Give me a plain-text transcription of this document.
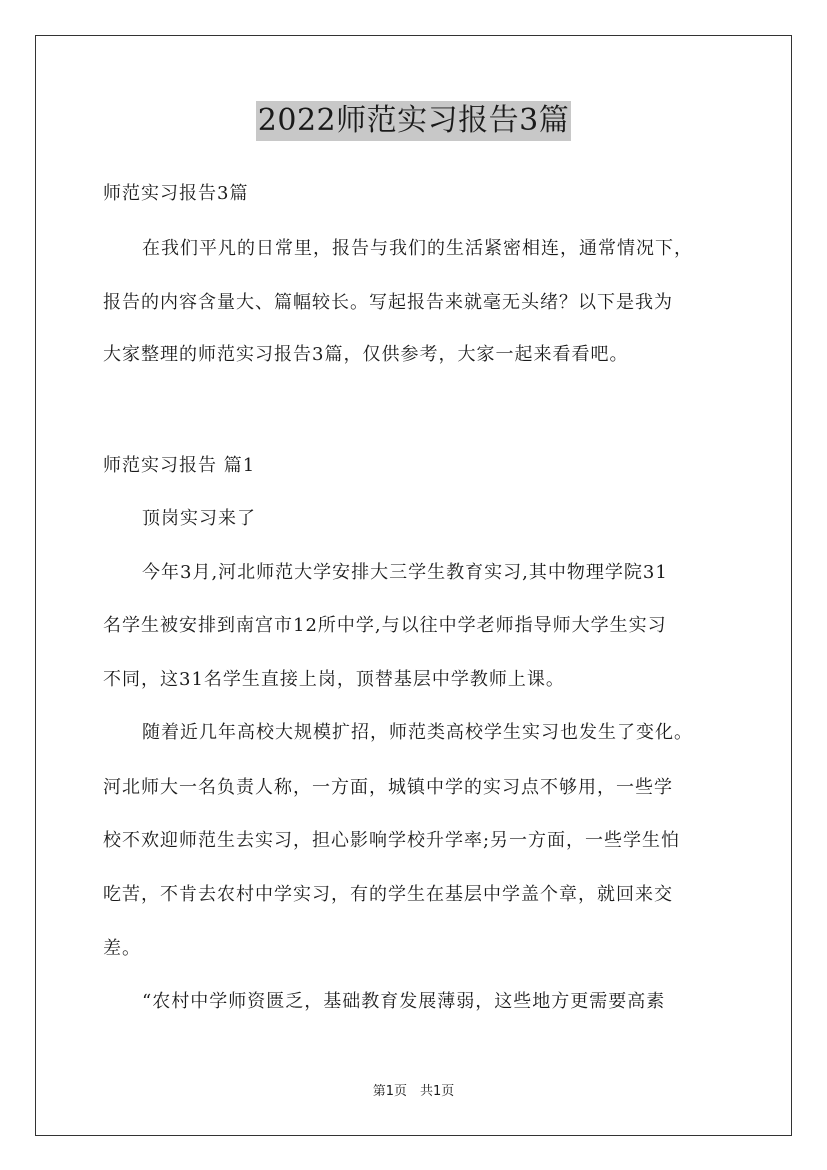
2022师范实习报告3篇
师范实习报告3篇
在我们平凡的日常里，报告与我们的生活紧密相连，通常情况下，
报告的内容含量大、篇幅较长。写起报告来就毫无头绪？以下是我为
大家整理的师范实习报告3篇，仅供参考，大家一起来看看吧。
师范实习报告 篇1
顶岗实习来了
今年3月,河北师范大学安排大三学生教育实习,其中物理学院31
名学生被安排到南宫市12所中学,与以往中学老师指导师大学生实习
不同，这31名学生直接上岗，顶替基层中学教师上课。
随着近几年高校大规模扩招，师范类高校学生实习也发生了变化。
河北师大一名负责人称，一方面，城镇中学的实习点不够用，一些学
校不欢迎师范生去实习，担心影响学校升学率;另一方面，一些学生怕
吃苦，不肯去农村中学实习，有的学生在基层中学盖个章，就回来交
差。
“农村中学师资匮乏，基础教育发展薄弱，这些地方更需要高素
第1页　共1页
